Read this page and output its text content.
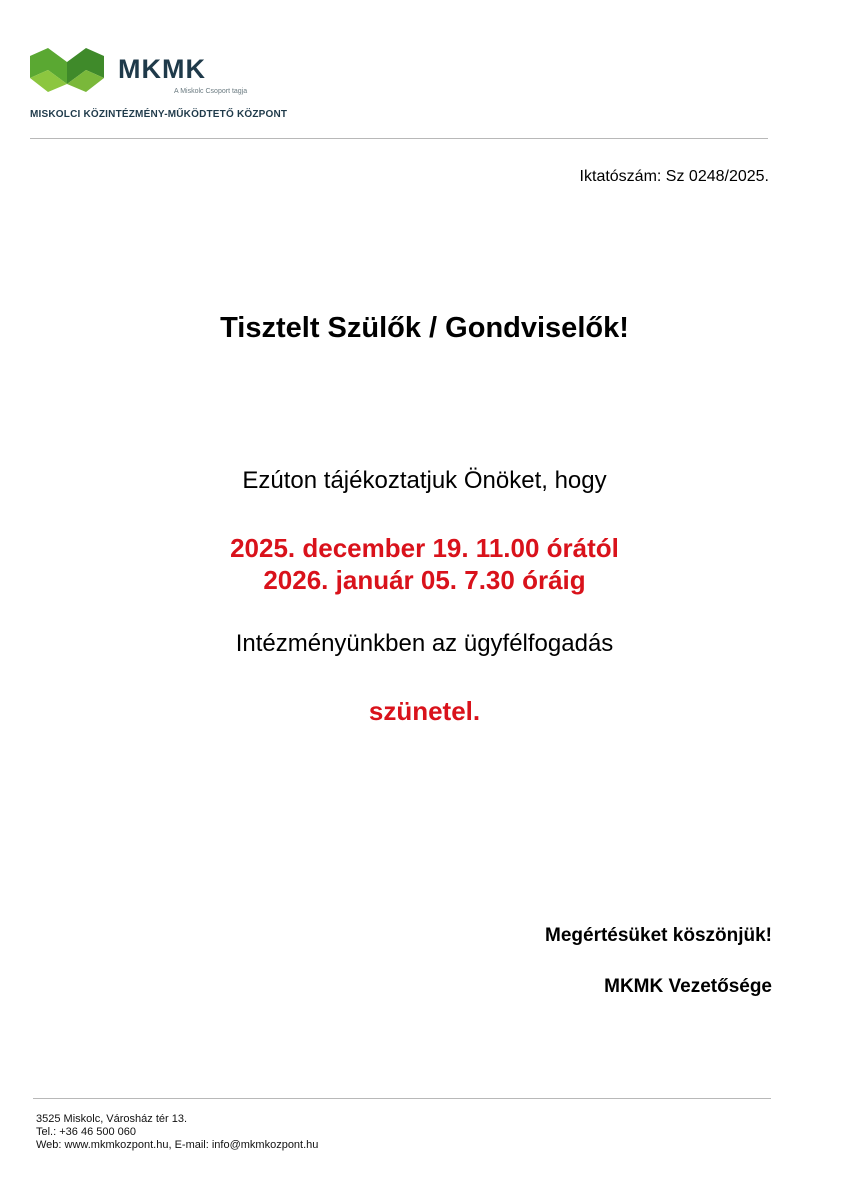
MKMK
A Miskolc Csoport tagja
MISKOLCI KÖZINTÉZMÉNY-MŰKÖDTETŐ KÖZPONT
Iktatószám: Sz 0248/2025.
Tisztelt Szülők / Gondviselők!
Ezúton tájékoztatjuk Önöket, hogy
2025. december 19. 11.00 órától
2026. január 05. 7.30 óráig
Intézményünkben az ügyfélfogadás
szünetel.
Megértésüket köszönjük!
MKMK Vezetősége
3525 Miskolc, Városház tér 13.
Tel.: +36 46 500 060
Web: www.mkmkozpont.hu, E-mail: info@mkmkozpont.hu
